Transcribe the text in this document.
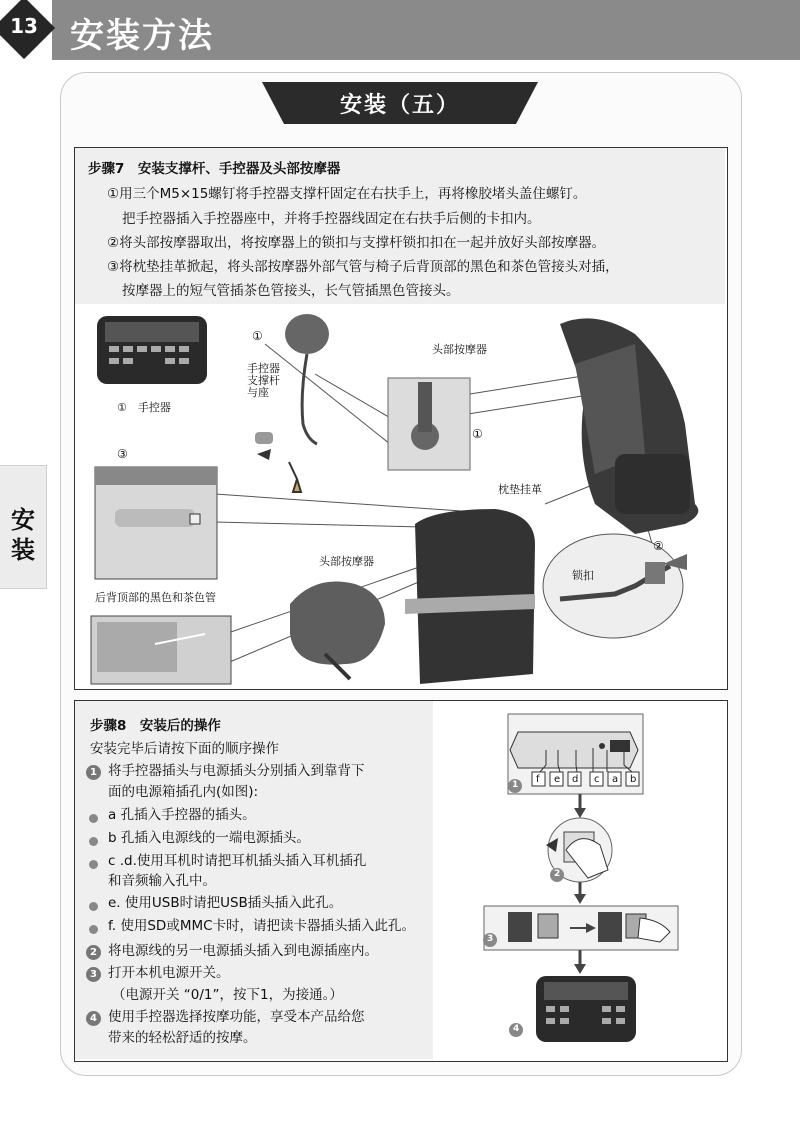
安装方法
13
安装
安装（五）
步骤7　安装支撑杆、手控器及头部按摩器
①用三个M5×15螺钉将手控器支撑杆固定在右扶手上，再将橡胶堵头盖住螺钉。
把手控器插入手控器座中，并将手控器线固定在右扶手后侧的卡扣内。
②将头部按摩器取出，将按摩器上的锁扣与支撑杆锁扣扣在一起并放好头部按摩器。
③将枕垫挂革掀起，将头部按摩器外部气管与椅子后背顶部的黑色和茶色管接头对插，
按摩器上的短气管插茶色管接头，长气管插黑色管接头。
①　手控器
①
手控器
支撑杆
与座
①
头部按摩器
③
枕垫挂革
②
头部按摩器
后背顶部的黑色和茶色管
锁扣
步骤8　安装后的操作
安装完毕后请按下面的顺序操作
1 将手控器插头与电源插头分别插入到靠背下
面的电源箱插孔内(如图):
a 孔插入手控器的插头。
b 孔插入电源线的一端电源插头。
c .d.使用耳机时请把耳机插头插入耳机插孔
和音频输入孔中。
e. 使用USB时请把USB插头插入此孔。
f. 使用SD或MMC卡时，请把读卡器插头插入此孔。
2 将电源线的另一电源插头插入到电源插座内。
3 打开本机电源开关。
（电源开关 “0/1”，按下1，为接通。）
4 使用手控器选择按摩功能，享受本产品给您
带来的轻松舒适的按摩。
f e d c a b
1
2
3
4
